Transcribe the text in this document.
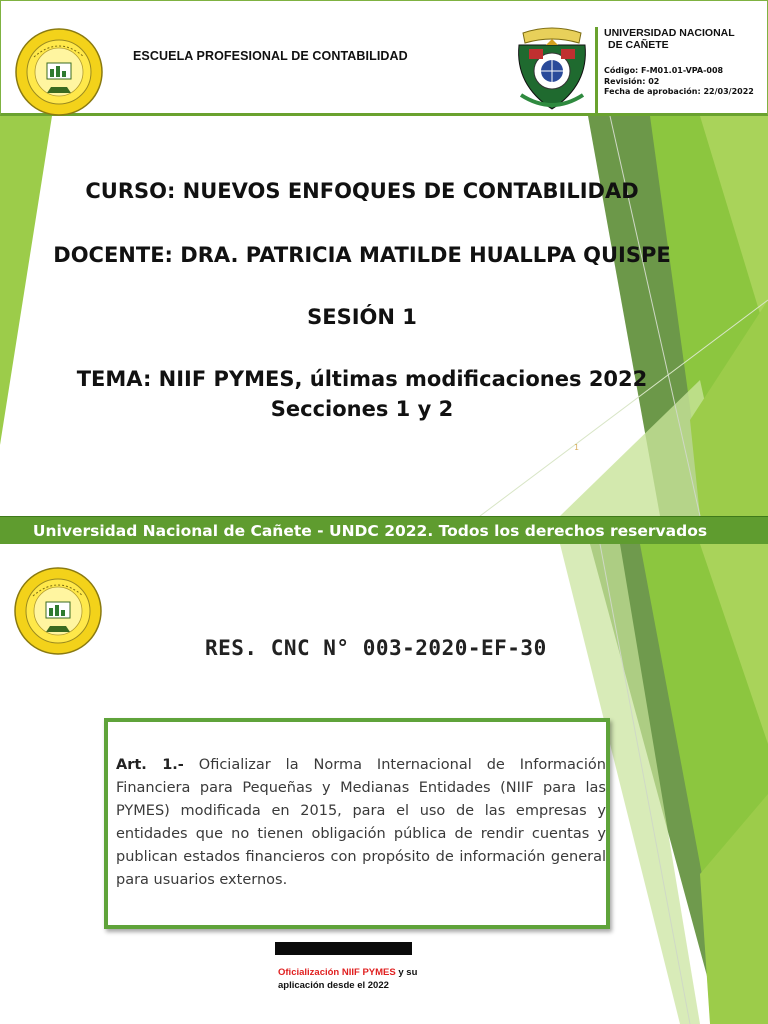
ESCUELA PROFESIONAL DE CONTABILIDAD
UNIVERSIDAD NACIONAL
DE CAÑETE
Código: F-M01.01-VPA-008
Revisión: 02
Fecha de aprobación: 22/03/2022
CURSO: NUEVOS ENFOQUES DE CONTABILIDAD
DOCENTE: DRA. PATRICIA MATILDE HUALLPA QUISPE
SESIÓN 1
TEMA: NIIF PYMES, últimas modificaciones 2022
Secciones 1 y 2
1
Universidad Nacional de Cañete - UNDC 2022. Todos los derechos reservados
RES. CNC N° 003-2020-EF-30

Art. 1.- Oficializar la Norma Internacional de Información Financiera para Pequeñas y Medianas Entidades (NIIF para las PYMES) modificada en 2015, para el uso de las empresas y entidades que no tienen obligación pública de rendir cuentas y publican estados financieros con propósito de información general para usuarios externos.

Oficialización NIIF PYMES y su aplicación desde el 2022
